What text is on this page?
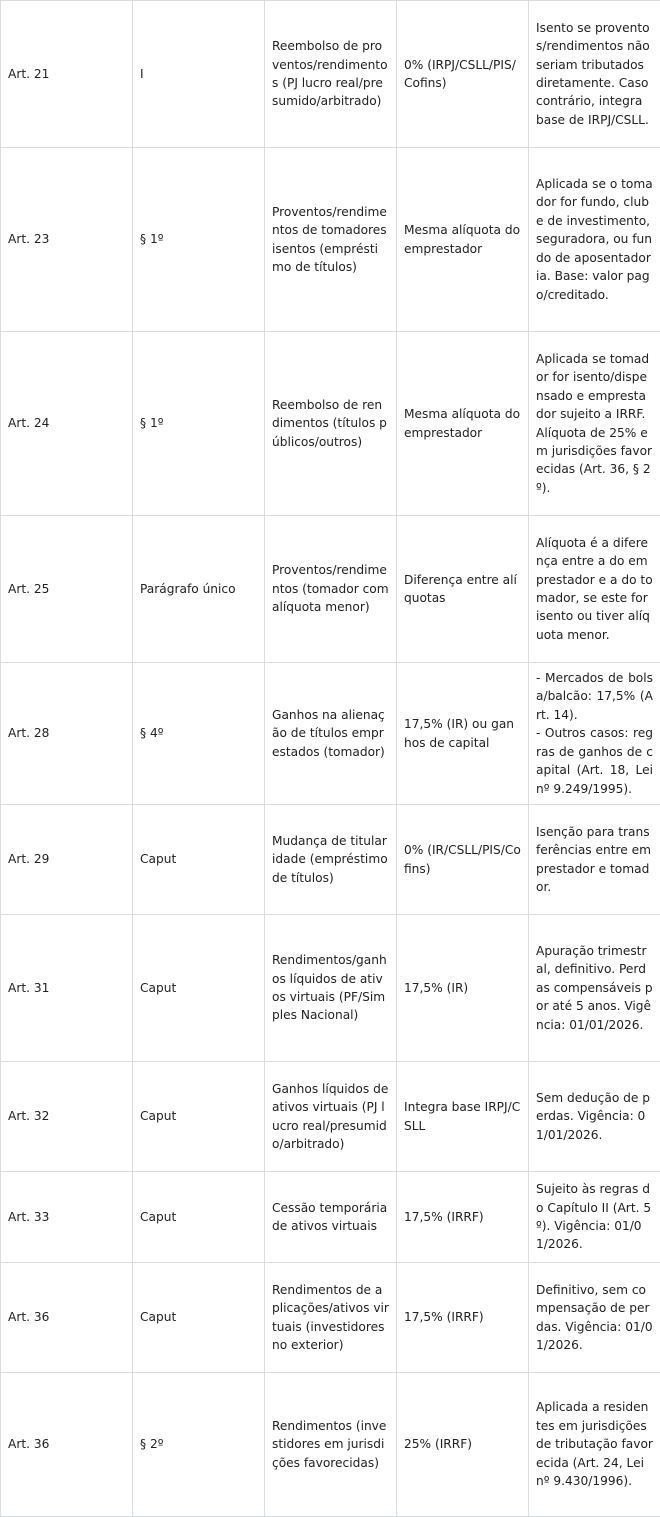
Art. 21	I	Reembolso de proventos/rendimentos (PJ lucro real/presumido/arbitrado)	0% (IRPJ/CSLL/PIS/Cofins)	Isento se proventos/rendimentos não seriam tributados diretamente. Caso contrário, integra base de IRPJ/CSLL.
Art. 23	§ 1º	Proventos/rendimentos de tomadores isentos (empréstimo de títulos)	Mesma alíquota do emprestador	Aplicada se o tomador for fundo, clube de investimento, seguradora, ou fundo de aposentadoria. Base: valor pago/creditado.
Art. 24	§ 1º	Reembolso de rendimentos (títulos públicos/outros)	Mesma alíquota do emprestador	Aplicada se tomador for isento/dispensado e emprestador sujeito a IRRF. Alíquota de 25% em jurisdições favorecidas (Art. 36, § 2º).
Art. 25	Parágrafo único	Proventos/rendimentos (tomador com alíquota menor)	Diferença entre alíquotas	Alíquota é a diferença entre a do emprestador e a do tomador, se este for isento ou tiver alíquota menor.
Art. 28	§ 4º	Ganhos na alienação de títulos emprestados (tomador)	17,5% (IR) ou ganhos de capital	- Mercados de bolsa/balcão: 17,5% (Art. 14).
- Outros casos: regras de ganhos de capital (Art. 18, Lei nº 9.249/1995).
Art. 29	Caput	Mudança de titularidade (empréstimo de títulos)	0% (IR/CSLL/PIS/Cofins)	Isenção para transferências entre emprestador e tomador.
Art. 31	Caput	Rendimentos/ganhos líquidos de ativos virtuais (PF/Simples Nacional)	17,5% (IR)	Apuração trimestral, definitivo. Perdas compensáveis por até 5 anos. Vigência: 01/01/2026.
Art. 32	Caput	Ganhos líquidos de ativos virtuais (PJ lucro real/presumido/arbitrado)	Integra base IRPJ/CSLL	Sem dedução de perdas. Vigência: 01/01/2026.
Art. 33	Caput	Cessão temporária de ativos virtuais	17,5% (IRRF)	Sujeito às regras do Capítulo II (Art. 5º). Vigência: 01/01/2026.
Art. 36	Caput	Rendimentos de aplicações/ativos virtuais (investidores no exterior)	17,5% (IRRF)	Definitivo, sem compensação de perdas. Vigência: 01/01/2026.
Art. 36	§ 2º	Rendimentos (investidores em jurisdições favorecidas)	25% (IRRF)	Aplicada a residentes em jurisdições de tributação favorecida (Art. 24, Lei nº 9.430/1996).
